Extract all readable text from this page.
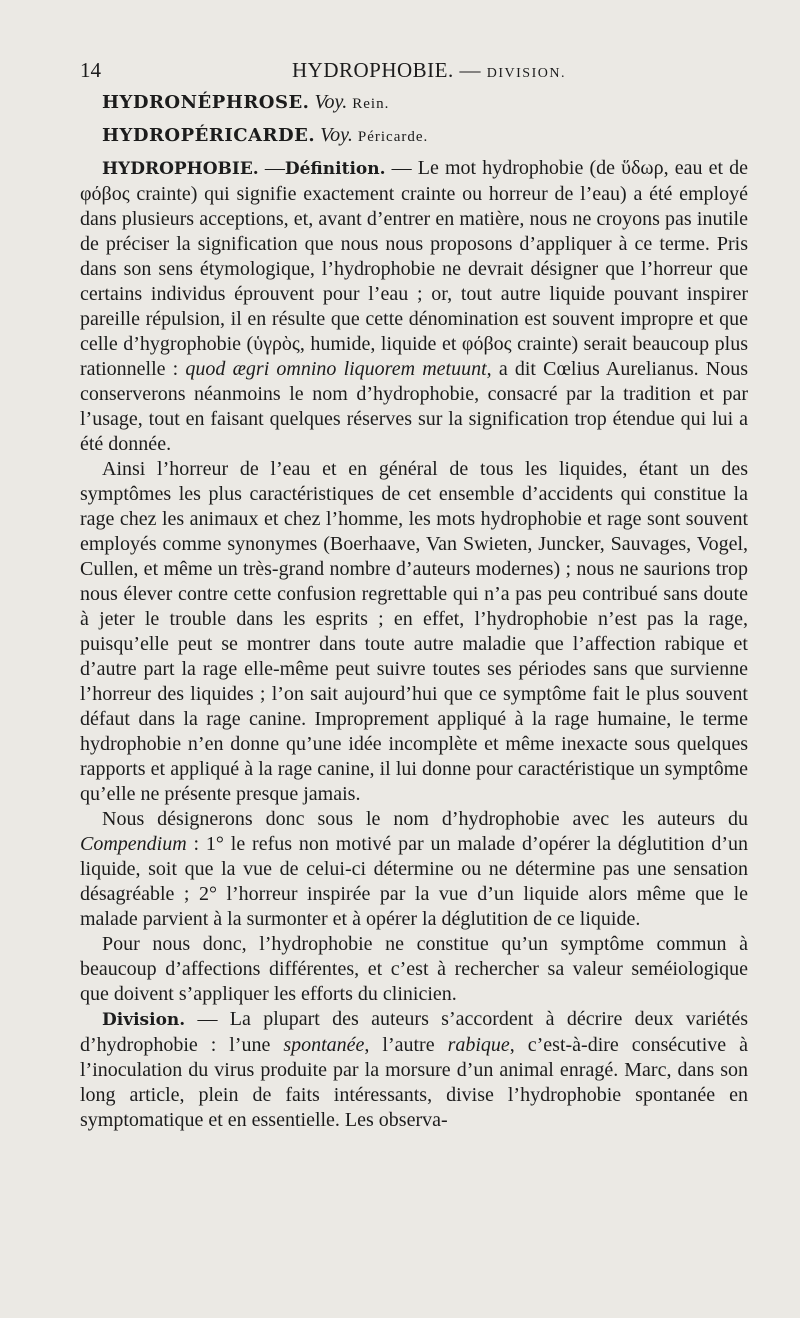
14	HYDROPHOBIE. — DIVISION.

HYDRONÉPHROSE. Voy. Rein.

HYDROPÉRICARDE. Voy. Péricarde.

HYDROPHOBIE. —Définition. — Le mot hydrophobie (de ὕδωρ, eau et de φόβος crainte) qui signifie exactement crainte ou horreur de l’eau) a été employé dans plusieurs acceptions, et, avant d’entrer en matière, nous ne croyons pas inutile de préciser la signification que nous nous proposons d’appliquer à ce terme. Pris dans son sens étymologique, l’hydrophobie ne devrait désigner que l’horreur que certains individus éprouvent pour l’eau ; or, tout autre liquide pouvant inspirer pareille répulsion, il en résulte que cette dénomination est souvent impropre et que celle d’hygrophobie (ὑγρὸς, humide, liquide et φόβος crainte) serait beaucoup plus rationnelle : quod ægri omnino liquorem metuunt, a dit Cœlius Aurelianus. Nous conserverons néanmoins le nom d’hydrophobie, consacré par la tradition et par l’usage, tout en faisant quelques réserves sur la signification trop étendue qui lui a été donnée.

Ainsi l’horreur de l’eau et en général de tous les liquides, étant un des symptômes les plus caractéristiques de cet ensemble d’accidents qui constitue la rage chez les animaux et chez l’homme, les mots hydrophobie et rage sont souvent employés comme synonymes (Boerhaave, Van Swieten, Juncker, Sauvages, Vogel, Cullen, et même un très-grand nombre d’auteurs modernes) ; nous ne saurions trop nous élever contre cette confusion regrettable qui n’a pas peu contribué sans doute à jeter le trouble dans les esprits ; en effet, l’hydrophobie n’est pas la rage, puisqu’elle peut se montrer dans toute autre maladie que l’affection rabique et d’autre part la rage elle-même peut suivre toutes ses périodes sans que survienne l’horreur des liquides ; l’on sait aujourd’hui que ce symptôme fait le plus souvent défaut dans la rage canine. Improprement appliqué à la rage humaine, le terme hydrophobie n’en donne qu’une idée incomplète et même inexacte sous quelques rapports et appliqué à la rage canine, il lui donne pour caractéristique un symptôme qu’elle ne présente presque jamais.

Nous désignerons donc sous le nom d’hydrophobie avec les auteurs du Compendium : 1° le refus non motivé par un malade d’opérer la déglutition d’un liquide, soit que la vue de celui-ci détermine ou ne détermine pas une sensation désagréable ; 2° l’horreur inspirée par la vue d’un liquide alors même que le malade parvient à la surmonter et à opérer la déglutition de ce liquide.

Pour nous donc, l’hydrophobie ne constitue qu’un symptôme commun à beaucoup d’affections différentes, et c’est à rechercher sa valeur seméiologique que doivent s’appliquer les efforts du clinicien.

Division. — La plupart des auteurs s’accordent à décrire deux variétés d’hydrophobie : l’une spontanée, l’autre rabique, c’est-à-dire consécutive à l’inoculation du virus produite par la morsure d’un animal enragé. Marc, dans son long article, plein de faits intéressants, divise l’hydrophobie spontanée en symptomatique et en essentielle. Les observa-
